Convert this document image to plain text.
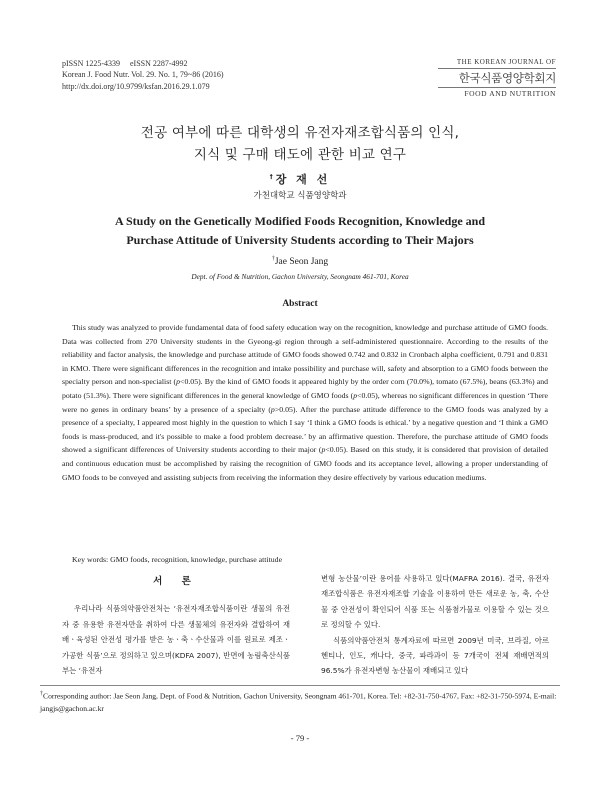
pISSN 1225-4339     eISSN 2287-4992
Korean J. Food Nutr. Vol. 29. No. 1, 79~86 (2016)
http://dx.doi.org/10.9799/ksfan.2016.29.1.079
THE KOREAN JOURNAL OF
한국식품영양학회지
FOOD AND NUTRITION
전공 여부에 따른 대학생의 유전자재조합식품의 인식,
지식 및 구매 태도에 관한 비교 연구
†장 재 선
가천대학교 식품영양학과
A Study on the Genetically Modified Foods Recognition, Knowledge and
Purchase Attitude of University Students according to Their Majors
†Jae Seon Jang
Dept. of Food & Nutrition, Gachon University, Seongnam 461-701, Korea
Abstract
This study was analyzed to provide fundamental data of food safety education way on the recognition, knowledge and purchase attitude of GMO foods. Data was collected from 270 University students in the Gyeong-gi region through a self-administered questionnaire. According to the results of the reliability and factor analysis, the knowledge and purchase attitude of GMO foods showed 0.742 and 0.832 in Cronbach alpha coefficient, 0.791 and 0.831 in KMO. There were significant differences in the recognition and intake possibility and purchase will, safety and absorption to a GMO foods between the specialty person and non-specialist (p<0.05). By the kind of GMO foods it appeared highly by the order corn (70.0%), tomato (67.5%), beans (63.3%) and potato (51.3%). There were significant differences in the general knowledge of GMO foods (p<0.05), whereas no significant differences in question ‘There were no genes in ordinary beans’ by a presence of a specialty (p>0.05). After the purchase attitude difference to the GMO foods was analyzed by a presence of a specialty, I appeared most highly in the question to which I say ‘I think a GMO foods is ethical.’ by a negative question and ‘I think a GMO foods is mass-produced, and it's possible to make a food problem decrease.’ by an affirmative question. Therefore, the purchase attitude of GMO foods showed a significant differences of University students according to their major (p<0.05). Based on this study, it is considered that provision of detailed and continuous education must be accomplished by raising the recognition of GMO foods and its acceptance level, allowing a proper understanding of GMO foods to be conveyed and assisting subjects from receiving the information they desire effectively by various education mediums.
Key words: GMO foods, recognition, knowledge, purchase attitude
서 론
우리나라 식품의약품안전처는 ‘유전자재조합식품이란 생물의 유전자 중 유용한 유전자만을 취하여 다른 생물체의 유전자와 결합하여 재배ㆍ육성된 안전성 평가를 받은 농ㆍ축ㆍ수산물과 이를 원료로 제조ㆍ가공한 식품’으로 정의하고 있으며(KDFA 2007), 반면에 농림축산식품부는 ‘유전자
변형 농산물’이란 용어를 사용하고 있다(MAFRA 2016). 결국, 유전자재조합식품은 유전자재조합 기술을 이용하여 만든 새로운 농, 축, 수산물 중 안전성이 확인되어 식품 또는 식품첨가물로 이용할 수 있는 것으로 정의할 수 있다.
식품의약품안전처 통계자료에 따르면 2009년 미국, 브라질, 아르헨티나, 인도, 캐나다, 중국, 파라과이 등 7개국이 전체 재배면적의 96.5%가 유전자변형 농산물이 재배되고 있다
†Corresponding author: Jae Seon Jang, Dept. of Food & Nutrition, Gachon University, Seongnam 461-701, Korea. Tel: +82-31-750-4767, Fax: +82-31-750-5974, E-mail: jangjs@gachon.ac.kr
- 79 -
